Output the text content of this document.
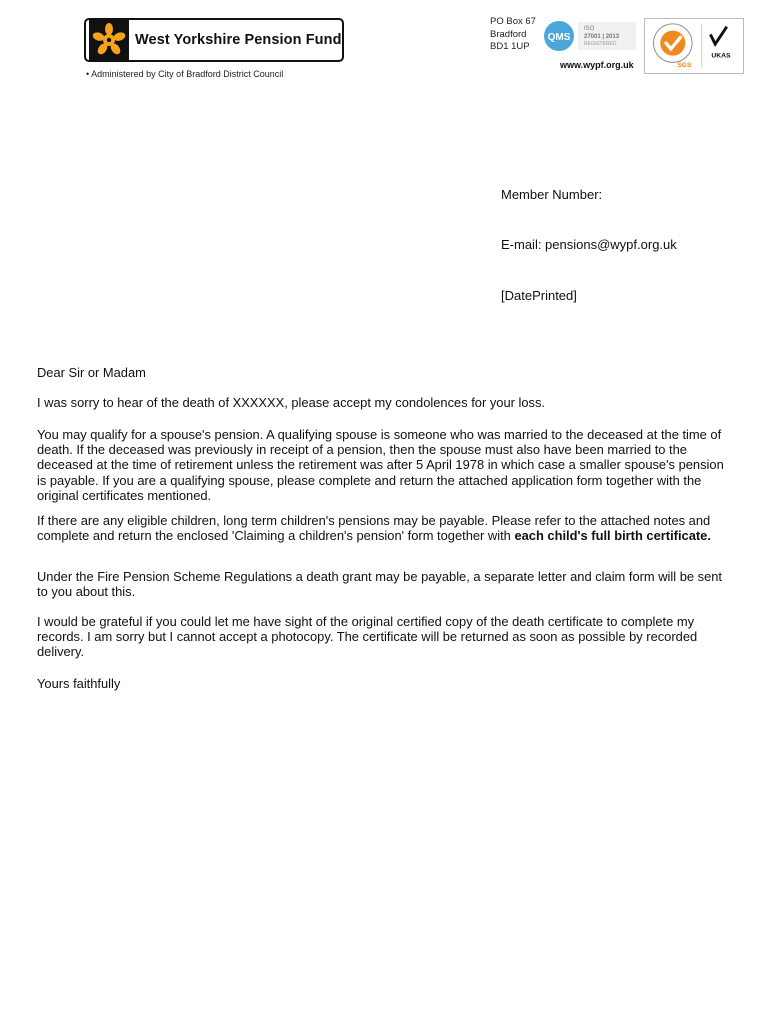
West Yorkshire Pension Fund
• Administered by City of Bradford District Council
PO Box 67
Bradford
BD1 1UP
QMS
ISO
27001 | 2013
REGISTERED
www.wypf.org.uk	SGS
UKAS
Member Number:
E-mail: pensions@wypf.org.uk
[DatePrinted]
Dear Sir or Madam
I was sorry to hear of the death of XXXXXX, please accept my condolences for your loss.
You may qualify for a spouse's pension. A qualifying spouse is someone who was married to the deceased at the time of death. If the deceased was previously in receipt of a pension, then the spouse must also have been married to the deceased at the time of retirement unless the retirement was after 5 April 1978 in which case a smaller spouse's pension is payable. If you are a qualifying spouse, please complete and return the attached application form together with the original certificates mentioned.
If there are any eligible children, long term children's pensions may be payable. Please refer to the attached notes and complete and return the enclosed 'Claiming a children's pension' form together with each child's full birth certificate.
Under the Fire Pension Scheme Regulations a death grant may be payable, a separate letter and claim form will be sent to you about this.
I would be grateful if you could let me have sight of the original certified copy of the death certificate to complete my records. I am sorry but I cannot accept a photocopy. The certificate will be returned as soon as possible by recorded delivery.
Yours faithfully
